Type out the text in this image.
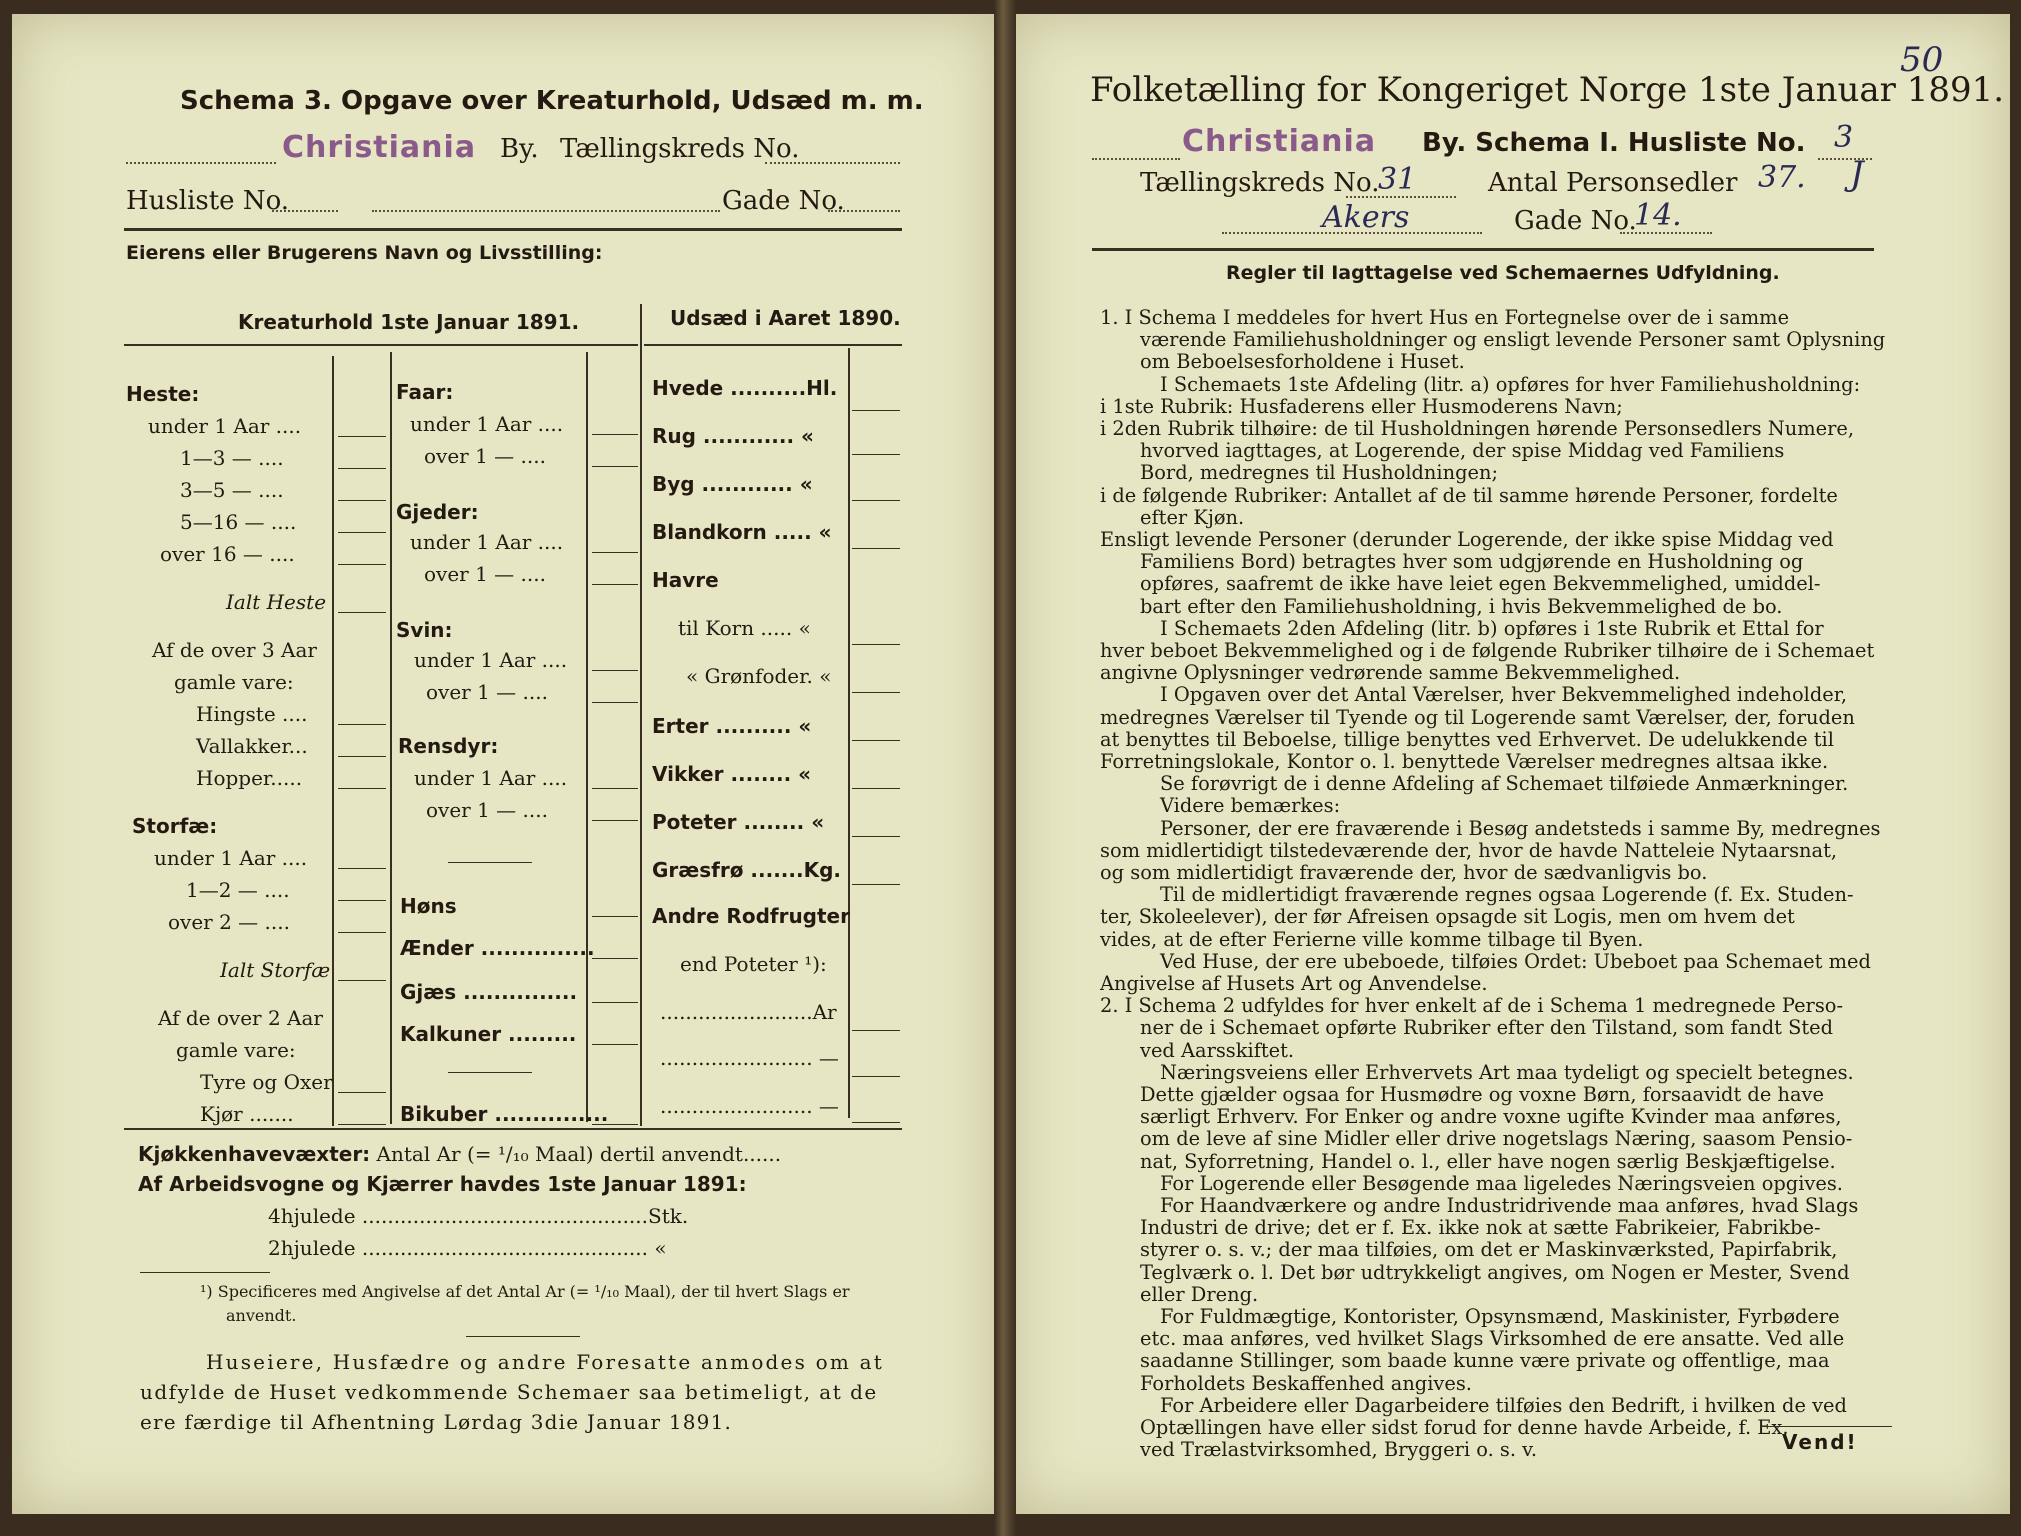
Schema 3. Opgave over Kreaturhold, Udsæd m. m.
Christiania By. Tællingskreds No.
Husliste No.	Gade No.
Eierens eller Brugerens Navn og Livsstilling:
Kreaturhold 1ste Januar 1891.	Udsæd i Aaret 1890.
Heste:
under 1 Aar ....
1—3 — ....
3—5 — ....
5—16 — ....
over 16 — ....
Ialt Heste
Af de over 3 Aar
gamle vare:
Hingste ....
Vallakker...
Hopper.....
Storfæ:
under 1 Aar ....
1—2 — ....
over 2 — ....
Ialt Storfæ
Af de over 2 Aar
gamle vare:
Tyre og Oxer
Kjør .......
Faar:
under 1 Aar ....
over 1 — ....
Gjeder:
under 1 Aar ....
over 1 — ....
Svin:
under 1 Aar ....
over 1 — ....
Rensdyr:
under 1 Aar ....
over 1 — ....
Høns
Ænder ...............
Gjæs ...............
Kalkuner .........
Bikuber ...............
Hvede ..........Hl.
Rug ............ «
Byg ............ «
Blandkorn ..... «
Havre
til Korn ..... «
« Grønfoder. «
Erter .......... «
Vikker ........ «
Poteter ........ «
Græsfrø .......Kg.
Andre Rodfrugter
end Poteter ¹):
........................Ar
........................ —
........................ —
Kjøkkenhavevæxter: Antal Ar (= ¹/₁₀ Maal) dertil anvendt......
Af Arbeidsvogne og Kjærrer havdes 1ste Januar 1891:
4hjulede .............................................Stk.
2hjulede ............................................. «
¹) Specificeres med Angivelse af det Antal Ar (= ¹/₁₀ Maal), der til hvert Slags er
anvendt.
Huseiere, Husfædre og andre Foresatte anmodes om at
udfylde de Huset vedkommende Schemaer saa betimeligt, at de
ere færdige til Afhentning Lørdag 3die Januar 1891.
50
Folketælling for Kongeriget Norge 1ste Januar 1891.
Christiania By. Schema I. Husliste No. 3
Tællingskreds No.
31	Antal Personsedler 37. J
Akers	Gade No.
14.
Regler til Iagttagelse ved Schemaernes Udfyldning.
1. I Schema I meddeles for hvert Hus en Fortegnelse over de i samme
værende Familiehusholdninger og ensligt levende Personer samt Oplysning
om Beboelsesforholdene i Huset.
I Schemaets 1ste Afdeling (litr. a) opføres for hver Familiehusholdning:
i 1ste Rubrik: Husfaderens eller Husmoderens Navn;
i 2den Rubrik tilhøire: de til Husholdningen hørende Personsedlers Numere,
hvorved iagttages, at Logerende, der spise Middag ved Familiens
Bord, medregnes til Husholdningen;
i de følgende Rubriker: Antallet af de til samme hørende Personer, fordelte
efter Kjøn.
Ensligt levende Personer (derunder Logerende, der ikke spise Middag ved
Familiens Bord) betragtes hver som udgjørende en Husholdning og
opføres, saafremt de ikke have leiet egen Bekvemmelighed, umiddel-
bart efter den Familiehusholdning, i hvis Bekvemmelighed de bo.
I Schemaets 2den Afdeling (litr. b) opføres i 1ste Rubrik et Ettal for
hver beboet Bekvemmelighed og i de følgende Rubriker tilhøire de i Schemaet
angivne Oplysninger vedrørende samme Bekvemmelighed.
I Opgaven over det Antal Værelser, hver Bekvemmelighed indeholder,
medregnes Værelser til Tyende og til Logerende samt Værelser, der, foruden
at benyttes til Beboelse, tillige benyttes ved Erhvervet. De udelukkende til
Forretningslokale, Kontor o. l. benyttede Værelser medregnes altsaa ikke.
Se forøvrigt de i denne Afdeling af Schemaet tilføiede Anmærkninger.
Videre bemærkes:
Personer, der ere fraværende i Besøg andetsteds i samme By, medregnes
som midlertidigt tilstedeværende der, hvor de havde Natteleie Nytaarsnat,
og som midlertidigt fraværende der, hvor de sædvanligvis bo.
Til de midlertidigt fraværende regnes ogsaa Logerende (f. Ex. Studen-
ter, Skoleelever), der før Afreisen opsagde sit Logis, men om hvem det
vides, at de efter Ferierne ville komme tilbage til Byen.
Ved Huse, der ere ubeboede, tilføies Ordet: Ubeboet paa Schemaet med
Angivelse af Husets Art og Anvendelse.
2. I Schema 2 udfyldes for hver enkelt af de i Schema 1 medregnede Perso-
ner de i Schemaet opførte Rubriker efter den Tilstand, som fandt Sted
ved Aarsskiftet.
Næringsveiens eller Erhvervets Art maa tydeligt og specielt betegnes.
Dette gjælder ogsaa for Husmødre og voxne Børn, forsaavidt de have
særligt Erhverv. For Enker og andre voxne ugifte Kvinder maa anføres,
om de leve af sine Midler eller drive nogetslags Næring, saasom Pensio-
nat, Syforretning, Handel o. l., eller have nogen særlig Beskjæftigelse.
For Logerende eller Besøgende maa ligeledes Næringsveien opgives.
For Haandværkere og andre Industridrivende maa anføres, hvad Slags
Industri de drive; det er f. Ex. ikke nok at sætte Fabrikeier, Fabrikbe-
styrer o. s. v.; der maa tilføies, om det er Maskinværksted, Papirfabrik,
Teglværk o. l. Det bør udtrykkeligt angives, om Nogen er Mester, Svend
eller Dreng.
For Fuldmægtige, Kontorister, Opsynsmænd, Maskinister, Fyrbødere
etc. maa anføres, ved hvilket Slags Virksomhed de ere ansatte. Ved alle
saadanne Stillinger, som baade kunne være private og offentlige, maa
Forholdets Beskaffenhed angives.
For Arbeidere eller Dagarbeidere tilføies den Bedrift, i hvilken de ved
Optællingen have eller sidst forud for denne havde Arbeide, f. Ex.
ved Trælastvirksomhed, Bryggeri o. s. v.	Vend!
